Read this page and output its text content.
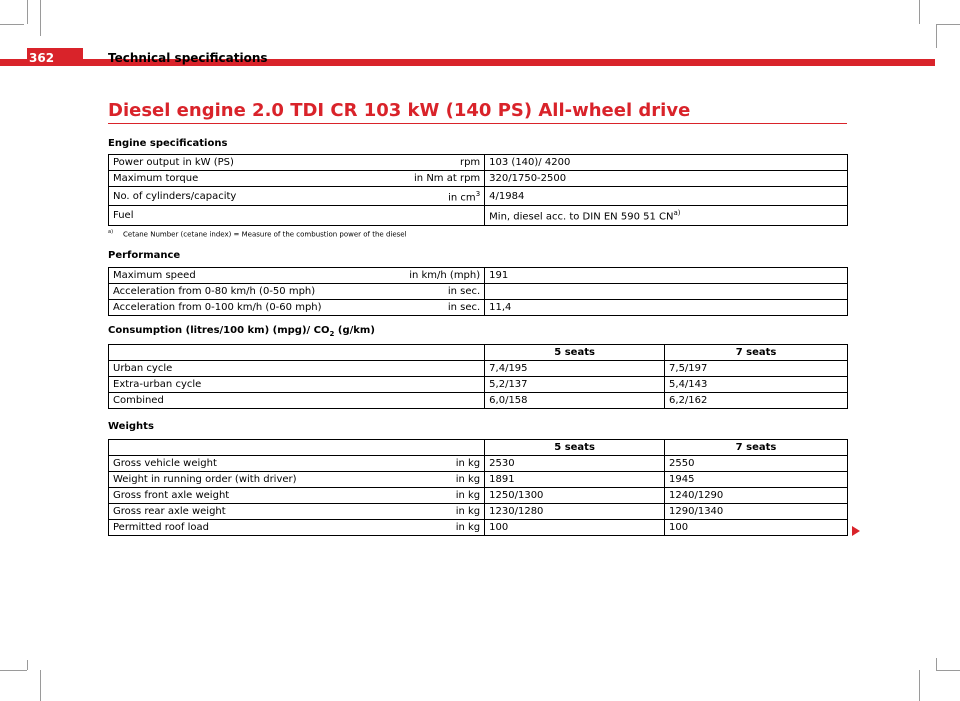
362	Technical specifications
Diesel engine 2.0 TDI CR 103 kW (140 PS) All-wheel drive
Engine specifications
Power output in kW (PS)	rpm	103 (140)/ 4200
Maximum torque	in Nm at rpm	320/1750-2500
No. of cylinders/capacity	in $cm^3$	4/1984
Fuel		Min, diesel acc. to DIN EN 590 51 CN$^{a)}$
$^{a)}$ Cetane Number (cetane index) = Measure of the combustion power of the diesel
Performance
Maximum speed	in km/h (mph)	191
Acceleration from 0-80 km/h (0-50 mph)	in sec.	
Acceleration from 0-100 km/h (0-60 mph)	in sec.	11,4
Consumption (litres/100 km) (mpg)/ $CO_2$ (g/km)
	5 seats	7 seats
Urban cycle	7,4/195	7,5/197
Extra-urban cycle	5,2/137	5,4/143
Combined	6,0/158	6,2/162
Weights
		5 seats	7 seats
Gross vehicle weight	in kg	2530	2550
Weight in running order (with driver)	in kg	1891	1945
Gross front axle weight	in kg	1250/1300	1240/1290
Gross rear axle weight	in kg	1230/1280	1290/1340
Permitted roof load	in kg	100	100
